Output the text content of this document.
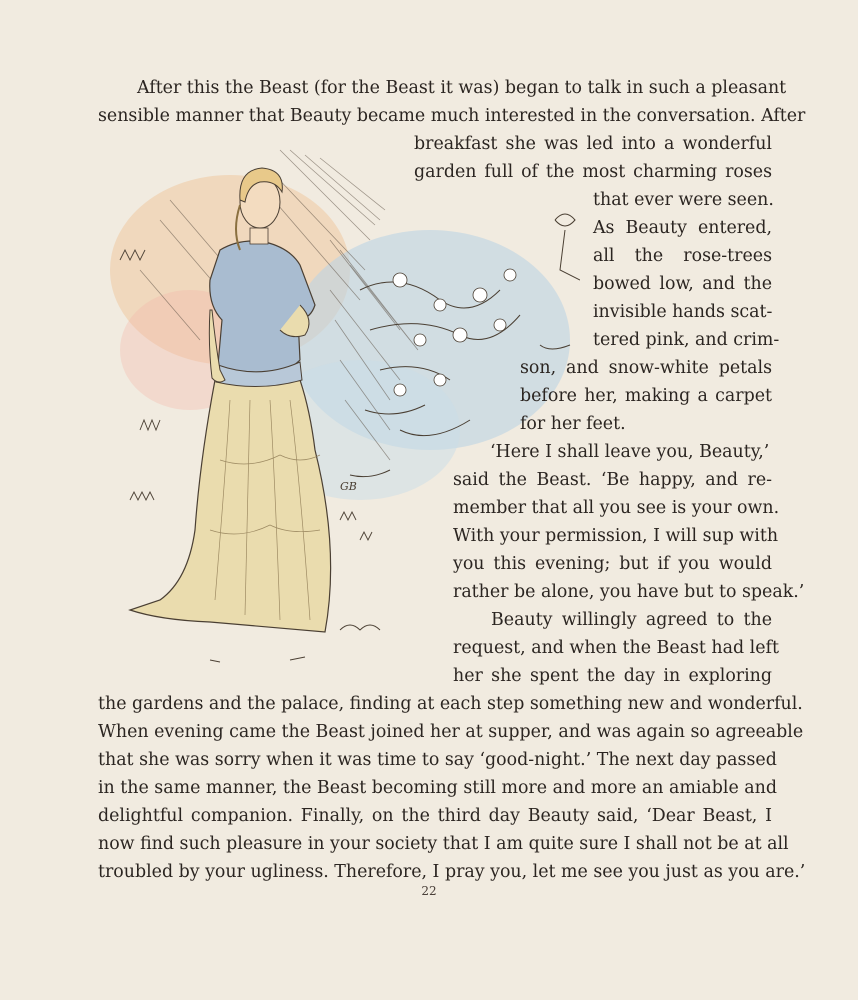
GB
After this the Beast (for the Beast it was) began to talk in such a pleasant
sensible manner that Beauty became much interested in the conversation. After
breakfast she was led into a wonderful
garden full of the most charming roses
that ever were seen.
As Beauty entered,
all the rose-trees
bowed low, and the
invisible hands scat-
tered pink, and crim-
son, and snow-white petals
before her, making a carpet
for her feet.
‘Here I shall leave you, Beauty,’
said the Beast. ‘Be happy, and re-
member that all you see is your own.
With your permission, I will sup with
you this evening; but if you would
rather be alone, you have but to speak.’
Beauty willingly agreed to the
request, and when the Beast had left
her she spent the day in exploring
the gardens and the palace, finding at each step something new and wonderful.
When evening came the Beast joined her at supper, and was again so agreeable
that she was sorry when it was time to say ‘good-night.’ The next day passed
in the same manner, the Beast becoming still more and more an amiable and
delightful companion. Finally, on the third day Beauty said, ‘Dear Beast, I
now find such pleasure in your society that I am quite sure I shall not be at all
troubled by your ugliness. Therefore, I pray you, let me see you just as you are.’
22
